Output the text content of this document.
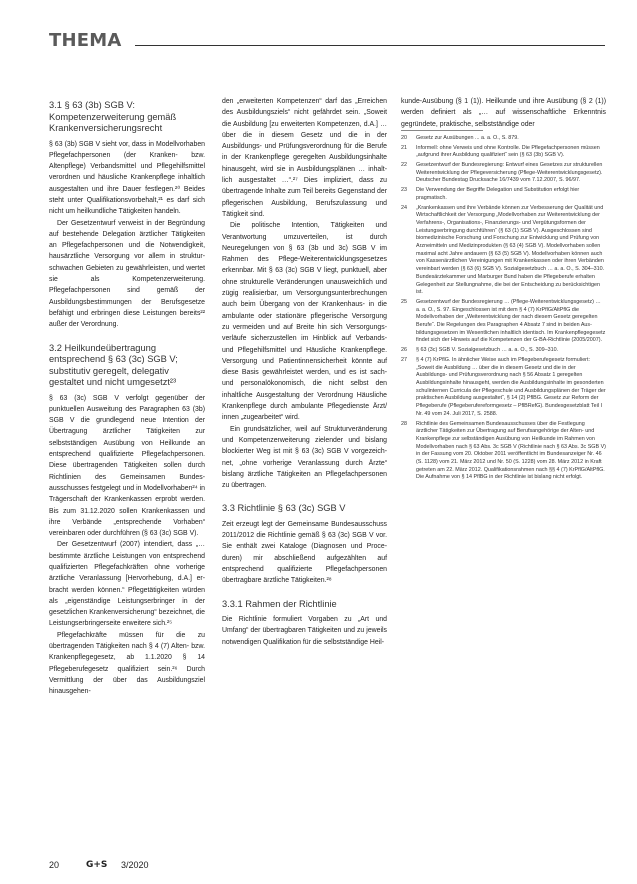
THEMA
3.1 § 63 (3b) SGB V: Kompetenzerweiterung gemäß Krankenversicherungsrecht

§ 63 (3b) SGB V sieht vor, dass in Modellvorhaben Pflegefachpersonen (der Kranken- bzw. Altenpflege) Verbandsmittel und Pflegehilfsmittel verordnen und häusliche Krankenpflege inhaltlich ausgestalten und ihre Dauer festlegen.²⁰ Beides steht unter Qualifikationsvorbehalt,²¹ es darf sich nicht um heilkundliche Tätigkeiten handeln.

Der Gesetzentwurf verweist in der Begründung auf bestehende Delegation ärztlicher Tätigkeiten an Pflegefachpersonen und die Notwendigkeit, hausärztliche Versorgung vor allem in strukturschwachen Gebieten zu gewährleisten, und wertet sie als Kompetenzerweiterung. Pflegefachpersonen sind gemäß der Ausbildungsbestimmungen der Berufsgesetze befähigt und erbringen diese Leistungen bereits²² außer der Verordnung.

3.2 Heilkundeübertragung entsprechend § 63 (3c) SGB V; substitutiv geregelt, delegativ gestaltet und nicht umgesetzt²³

§ 63 (3c) SGB V verfolgt gegenüber der punktuellen Ausweitung des Paragraphen 63 (3b) SGB V die grundlegend neue Intention der Übertragung ärztlicher Tätigkeiten zur selbstständigen Ausübung von Heilkunde an entsprechend qualifizierte Pflegefachpersonen. Diese übertragenden Tätigkeiten sollen durch Richtlinien des Gemeinsamen Bundesausschusses festgelegt und in Modellvorhaben²⁴ in Trägerschaft der Krankenkassen erprobt werden. Bis zum 31.12.2020 sollen Krankenkassen und ihre Verbände „entsprechende Vorhaben“ vereinbaren oder durchführen (§ 63 (3c) SGB V).

Der Gesetzentwurf (2007) intendiert, dass „… bestimmte ärztliche Leistungen von entsprechend qualifizierten Pflegefachkräften ohne vorherige ärztliche Veranlassung [Hervorhebung, d.A.] erbracht werden können.“ Pflegetätigkeiten würden als „eigenständige Leistungserbringer in der gesetzlichen Krankenversicherung“ bezeichnet, die Leistungserbringerseite erweitere sich.²⁵

Pflegefachkräfte müssen für die zu übertragenden Tätigkeiten nach § 4 (7) Alten- bzw. Krankenpflegegesetz, ab 1.1.2020 § 14 Pflegeberufegesetz qualifiziert sein.²⁶ Durch Vermittlung der über das Ausbildungsziel hinausgehen-

den „erweiterten Kompetenzen“ darf das „Erreichen des Ausbildungsziels“ nicht gefährdet sein. „Soweit die Ausbildung [zu erweiterten Kompetenzen, d.A.] … über die in diesem Gesetz und die in der Ausbildungs- und Prüfungsverordnung für die Berufe in der Krankenpflege geregelten Ausbildungsinhalte hinausgeht, wird sie in Ausbildungsplänen … inhaltlich ausgestaltet …“.²⁷ Dies impliziert, dass zu übertragende Inhalte zum Teil bereits Gegenstand der pflegerischen Ausbildung, Berufszulassung und Tätigkeit sind.

Die politische Intention, Tätigkeiten und Verantwortung umzuverteilen, ist durch Neuregelungen von § 63 (3b und 3c) SGB V im Rahmen des Pflege-Weiterentwicklungsgesetzes erkennbar. Mit § 63 (3c) SGB V liegt, punktuell, aber ohne strukturelle Veränderungen unausweichlich und zügig realisierbar, um Versorgungsunterbrechungen auch beim Übergang von der Krankenhaus- in die ambulante oder stationäre pflegerische Versorgung zu vermeiden und auf Breite hin sich Versorgungsverläufe sicherzustellen im Hinblick auf Verbands- und Pflegehilfsmittel und Häusliche Krankenpflege. Versorgung und Patientinnensicherheit könnte auf diese Basis gewährleistet werden, und es ist sach- und personalökonomisch, die nicht selbst den inhaltliche Ausgestaltung der Verordnung Häusliche Krankenpflege durch ambulante Pflegedienste Ärzt/ innen „zugearbeitet“ wird.

Ein grundsätzlicher, weil auf Strukturveränderung und Kompetenzerweiterung zielender und bislang blockierter Weg ist mit § 63 (3c) SGB V vorgezeichnet, „ohne vorherige Veranlassung durch Ärzte“ bislang ärztliche Tätigkeiten an Pflegefachpersonen zu übertragen.

3.3 Richtlinie § 63 (3c) SGB V

Zeit erzeugt legt der Gemeinsame Bundesausschuss 2011/2012 die Richtlinie gemäß § 63 (3c) SGB V vor. Sie enthält zwei Kataloge (Diagnosen und Proceduren) mir abschließend aufgezählten auf entsprechend qualifizierte Pflegefachpersonen übertragbare ärztliche Tätigkeiten.²⁸

3.3.1 Rahmen der Richtlinie

Die Richtlinie formuliert Vorgaben zu „Art und Umfang“ der übertragbaren Tätigkeiten und zu jeweils notwendigen Qualifikation für die selbstständige Heil-

kunde-Ausübung (§ 1 (1)). Heilkunde und ihre Ausübung (§ 2 (1)) werden definiert als „… auf wissenschaftliche Erkenntnis gegründete, praktische, selbstständige oder

20	Gesetz zur Ausübungen ... a. a. O., S. 879.
21	Informell: ohne Verweis und ohne Kontrolle. Die Pflegefachpersonen müssen „aufgrund ihrer Ausbildung qualifiziert“ sein (§ 63 (3b) SGB V).
22	Gesetzentwurf der Bundesregierung: Entwurf eines Gesetzes zur strukturellen Weiterentwicklung der Pflegeversicherung (Pflege-Weiterentwicklungsgesetz). Deutscher Bundestag Drucksache 16/7439 vom 7.12.2007, S. 96/97.
23	Die Verwendung der Begriffe Delegation und Substitution erfolgt hier pragmatisch.
24	„Krankenkassen und ihre Verbände können zur Verbesserung der Qualität und Wirtschaftlichkeit der Versorgung „Modellvorhaben zur Weiterentwicklung der Verfahrens-, Organisations-, Finanzierungs- und Vergütungsformen der Leistungserbringung durchführen“ (§ 63 (1) SGB V). Ausgeschlossen sind biomedizinische Forschung und Forschung zur Entwicklung und Prüfung von Arzneimitteln und Medizinprodukten (§ 63 (4) SGB V). Modellvorhaben sollen maximal acht Jahre andauern (§ 63 (5) SGB V). Modellvorhaben können auch von Kassenärztlichen Vereinigungen mit Krankenkassen oder ihren Verbänden vereinbart werden (§ 63 (6) SGB V). Sozialgesetzbuch … a. a. O., S. 304–310. Bundesärztekammer und Marburger Bund haben die Pflegeberufe erhalten Gelegenheit zur Stellungnahme, die bei der Entscheidung zu berücksichtigen ist.
25	Gesetzentwurf der Bundesregierung … (Pflege-Weiterentwicklungsgesetz) … a. a. O., S. 97. Eingeschlossen ist mit dem § 4 (7) KrPflG/AltPflG die Modellvorhaben der „Weiterentwicklung der nach diesem Gesetz geregelten Berufe“. Die Regelungen des Paragraphen 4 Absatz 7 sind in beiden Ausbildungsgesetzen im Wesentlichen inhaltlich identisch. Im Krankenpflegegesetz findet sich der Hinweis auf die Kompetenzen der G-BA-Richtlinie (2005/2007).
26	§ 63 (3c) SGB V. Sozialgesetzbuch … a. a. O., S. 309–310.
27	§ 4 (7) KrPflG. In ähnlicher Weise auch im Pflegeberufegesetz formuliert: „Soweit die Ausbildung … über die in diesem Gesetz und die in der Ausbildungs- und Prüfungsverordnung nach § 56 Absatz 1 geregelten Ausbildungsinhalte hinausgeht, werden die Ausbildungsinhalte im gesonderten schulinternen Curricula der Pflegeschule und Ausbildungsplänen der Träger der praktischen Ausbildung ausgestaltet“, § 14 (2) PflBG. Gesetz zur Reform der Pflegeberufe (Pflegeberufereformgesetz – PflBRefG). Bundesgesetzblatt Teil I Nr. 49 vom 24. Juli 2017, S. 2588.
28	Richtlinie des Gemeinsamen Bundesausschusses über die Festlegung ärztlicher Tätigkeiten zur Übertragung auf Berufsangehörige der Alten- und Krankenpflege zur selbständigen Ausübung von Heilkunde im Rahmen von Modellvorhaben nach § 63 Abs. 3c SGB V (Richtlinie nach § 63 Abs. 3c SGB V) in der Fassung vom 20. Oktober 2011 veröffentlicht im Bundesanzeiger Nr. 46 (S. 1128) vom 21. März 2012 und Nr. 50 (S. 1228) vom 28. März 2012 in Kraft getreten am 22. März 2012. Qualifikationsrahmen nach §§ 4 (7) KrPflG/AltPflG. Die Aufnahme von § 14 PflBG in der Richtlinie ist bislang nicht erfolgt.
20	G+S 3/2020
